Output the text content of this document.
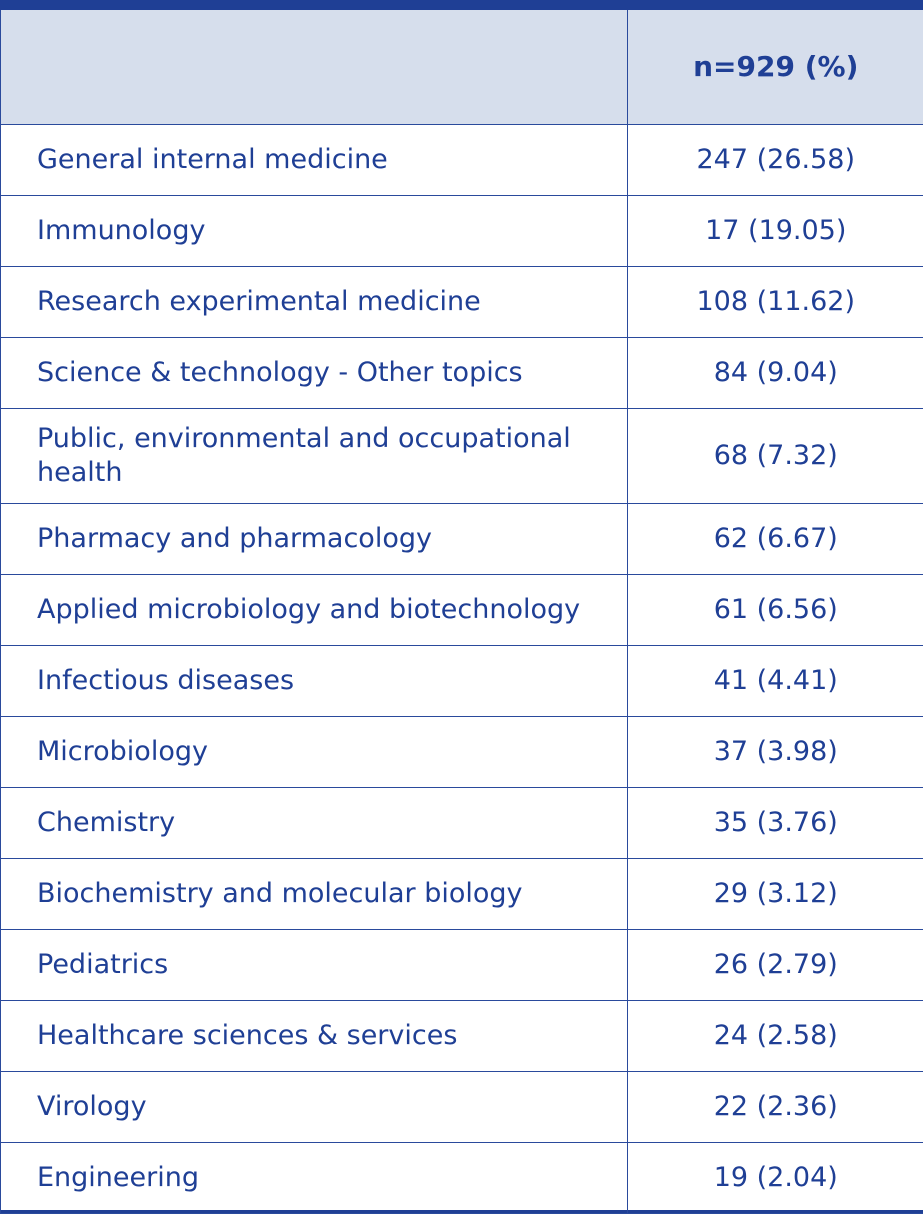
	n=929 (%)
General internal medicine	247 (26.58)
Immunology	17 (19.05)
Research experimental medicine	108 (11.62)
Science & technology - Other topics	84 (9.04)
Public, environmental and occupational health	68 (7.32)
Pharmacy and pharmacology	62 (6.67)
Applied microbiology and biotechnology	61 (6.56)
Infectious diseases	41 (4.41)
Microbiology	37 (3.98)
Chemistry	35 (3.76)
Biochemistry and molecular biology	29 (3.12)
Pediatrics	26 (2.79)
Healthcare sciences & services	24 (2.58)
Virology	22 (2.36)
Engineering	19 (2.04)
